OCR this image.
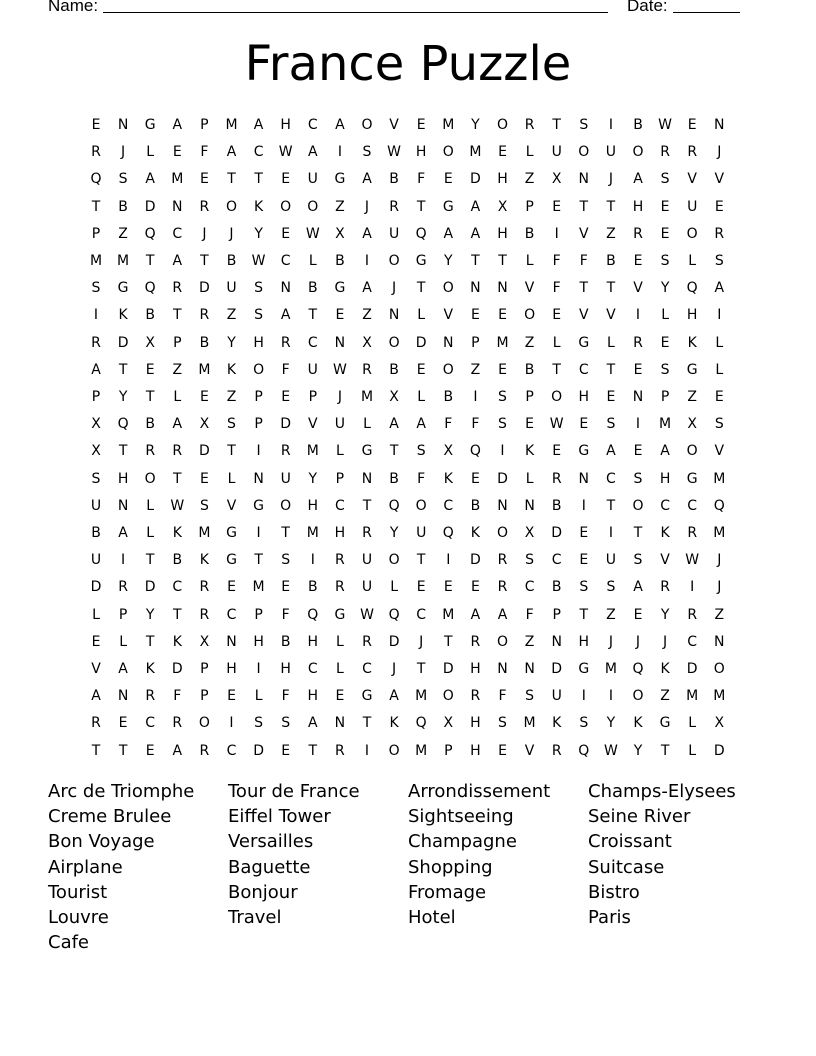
Name:	Date:
France Puzzle
E	N	G	A	P	M	A	H	C	A	O	V	E	M	Y	O	R	T	S	I	B	W	E	N
R	J	L	E	F	A	C	W	A	I	S	W	H	O	M	E	L	U	O	U	O	R	R	J
Q	S	A	M	E	T	T	E	U	G	A	B	F	E	D	H	Z	X	N	J	A	S	V	V
T	B	D	N	R	O	K	O	O	Z	J	R	T	G	A	X	P	E	T	T	H	E	U	E
P	Z	Q	C	J	J	Y	E	W	X	A	U	Q	A	A	H	B	I	V	Z	R	E	O	R
M	M	T	A	T	B	W	C	L	B	I	O	G	Y	T	T	L	F	F	B	E	S	L	S
S	G	Q	R	D	U	S	N	B	G	A	J	T	O	N	N	V	F	T	T	V	Y	Q	A
I	K	B	T	R	Z	S	A	T	E	Z	N	L	V	E	E	O	E	V	V	I	L	H	I
R	D	X	P	B	Y	H	R	C	N	X	O	D	N	P	M	Z	L	G	L	R	E	K	L
A	T	E	Z	M	K	O	F	U	W	R	B	E	O	Z	E	B	T	C	T	E	S	G	L
P	Y	T	L	E	Z	P	E	P	J	M	X	L	B	I	S	P	O	H	E	N	P	Z	E
X	Q	B	A	X	S	P	D	V	U	L	A	A	F	F	S	E	W	E	S	I	M	X	S
X	T	R	R	D	T	I	R	M	L	G	T	S	X	Q	I	K	E	G	A	E	A	O	V
S	H	O	T	E	L	N	U	Y	P	N	B	F	K	E	D	L	R	N	C	S	H	G	M
U	N	L	W	S	V	G	O	H	C	T	Q	O	C	B	N	N	B	I	T	O	C	C	Q
B	A	L	K	M	G	I	T	M	H	R	Y	U	Q	K	O	X	D	E	I	T	K	R	M
U	I	T	B	K	G	T	S	I	R	U	O	T	I	D	R	S	C	E	U	S	V	W	J
D	R	D	C	R	E	M	E	B	R	U	L	E	E	E	R	C	B	S	S	A	R	I	J
L	P	Y	T	R	C	P	F	Q	G	W	Q	C	M	A	A	F	P	T	Z	E	Y	R	Z
E	L	T	K	X	N	H	B	H	L	R	D	J	T	R	O	Z	N	H	J	J	J	C	N
V	A	K	D	P	H	I	H	C	L	C	J	T	D	H	N	N	D	G	M	Q	K	D	O
A	N	R	F	P	E	L	F	H	E	G	A	M	O	R	F	S	U	I	I	O	Z	M	M
R	E	C	R	O	I	S	S	A	N	T	K	Q	X	H	S	M	K	S	Y	K	G	L	X
T	T	E	A	R	C	D	E	T	R	I	O	M	P	H	E	V	R	Q	W	Y	T	L	D
Arc de Triomphe
Creme Brulee
Bon Voyage
Airplane
Tourist
Louvre
Cafe
Tour de France
Eiffel Tower
Versailles
Baguette
Bonjour
Travel
Arrondissement
Sightseeing
Champagne
Shopping
Fromage
Hotel
Champs-Elysees
Seine River
Croissant
Suitcase
Bistro
Paris
